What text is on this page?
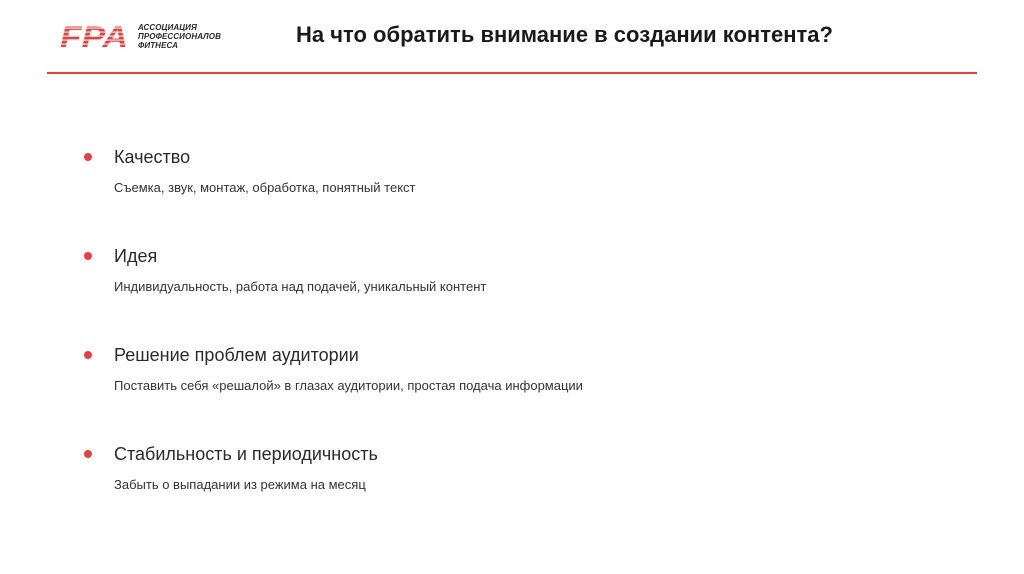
FPA АССОЦИАЦИЯ
ПРОФЕССИОНАЛОВ
ФИТНЕСА	На что обратить внимание в создании контента?
Качество
Съемка, звук, монтаж, обработка, понятный текст
Идея
Индивидуальность, работа над подачей, уникальный контент
Решение проблем аудитории
Поставить себя «решалой» в глазах аудитории, простая подача информации
Стабильность и периодичность
Забыть о выпадании из режима на месяц
